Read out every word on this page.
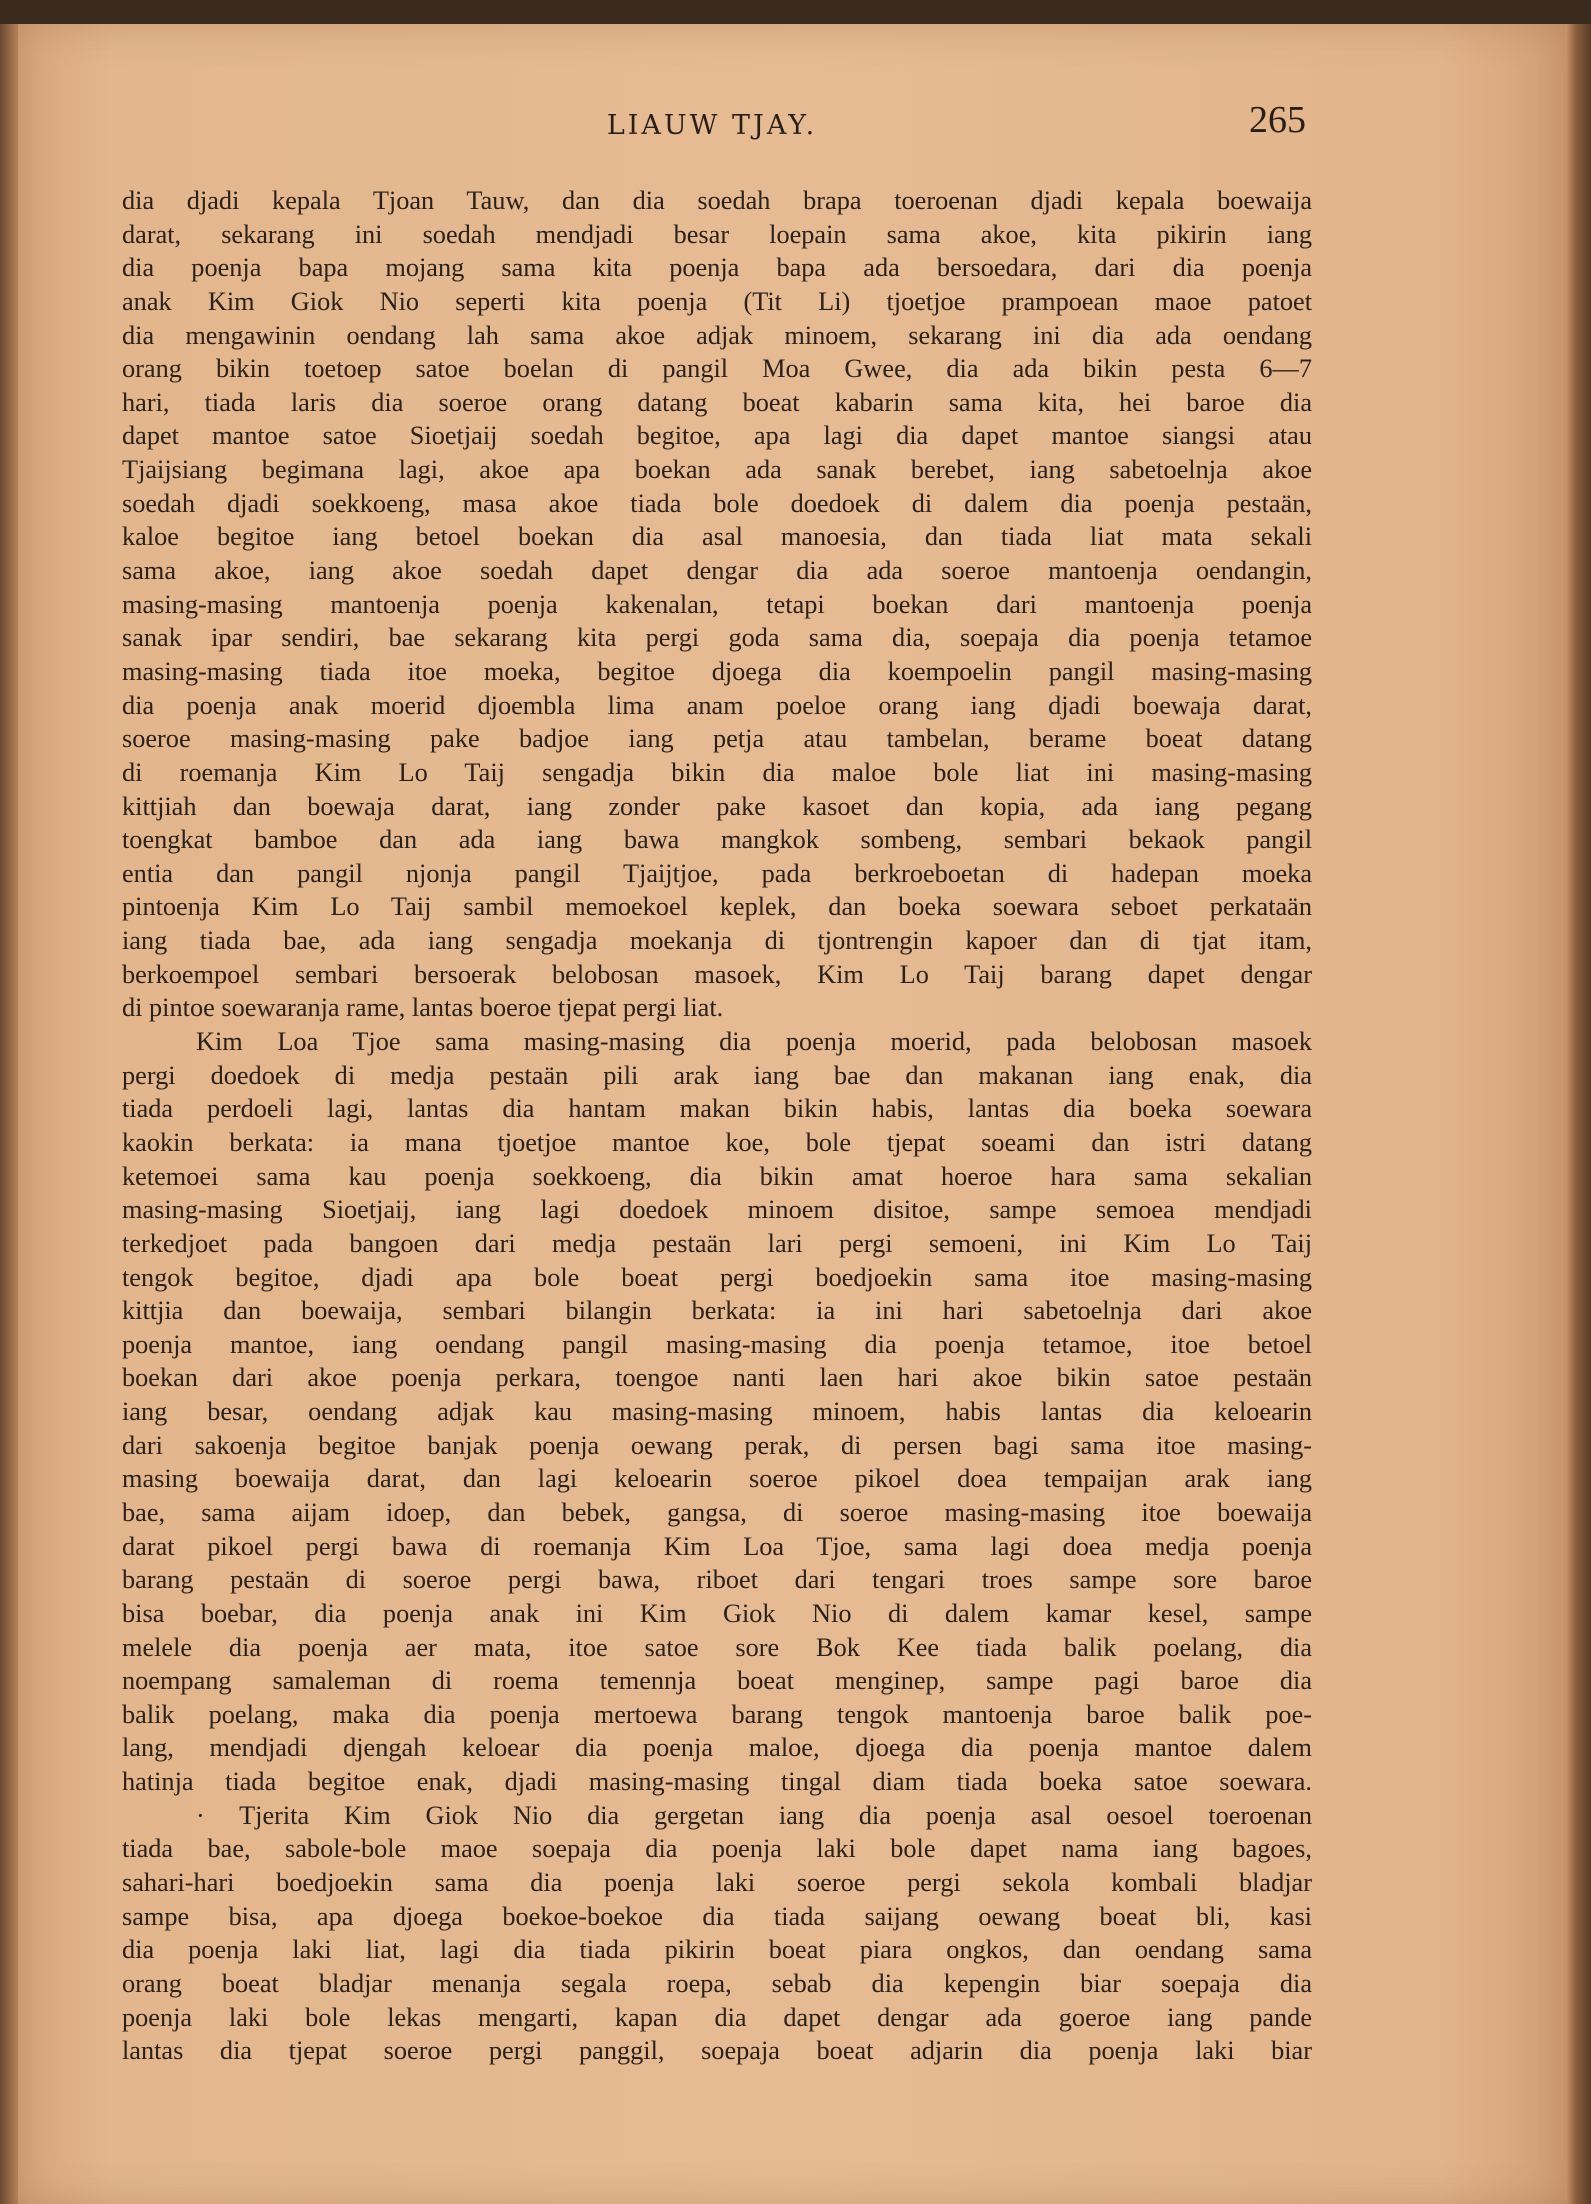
LIAUW TJAY.	265
dia djadi kepala Tjoan Tauw, dan dia soedah brapa toeroenan djadi kepala boewaija
darat, sekarang ini soedah mendjadi besar loepain sama akoe, kita pikirin iang
dia poenja bapa mojang sama kita poenja bapa ada bersoedara, dari dia poenja
anak Kim Giok Nio seperti kita poenja (Tit Li) tjoetjoe prampoean maoe patoet
dia mengawinin oendang lah sama akoe adjak minoem, sekarang ini dia ada oendang
orang bikin toetoep satoe boelan di pangil Moa Gwee, dia ada bikin pesta 6—7
hari, tiada laris dia soeroe orang datang boeat kabarin sama kita, hei baroe dia
dapet mantoe satoe Sioetjaij soedah begitoe, apa lagi dia dapet mantoe siangsi atau
Tjaijsiang begimana lagi, akoe apa boekan ada sanak berebet, iang sabetoelnja akoe
soedah djadi soekkoeng, masa akoe tiada bole doedoek di dalem dia poenja pestaän,
kaloe begitoe iang betoel boekan dia asal manoesia, dan tiada liat mata sekali
sama akoe, iang akoe soedah dapet dengar dia ada soeroe mantoenja oendangin,
masing-masing mantoenja poenja kakenalan, tetapi boekan dari mantoenja poenja
sanak ipar sendiri, bae sekarang kita pergi goda sama dia, soepaja dia poenja tetamoe
masing-masing tiada itoe moeka, begitoe djoega dia koempoelin pangil masing-masing
dia poenja anak moerid djoembla lima anam poeloe orang iang djadi boewaja darat,
soeroe masing-masing pake badjoe iang petja atau tambelan, berame boeat datang
di roemanja Kim Lo Taij sengadja bikin dia maloe bole liat ini masing-masing
kittjiah dan boewaja darat, iang zonder pake kasoet dan kopia, ada iang pegang
toengkat bamboe dan ada iang bawa mangkok sombeng, sembari bekaok pangil
entia dan pangil njonja pangil Tjaijtjoe, pada berkroeboetan di hadepan moeka
pintoenja Kim Lo Taij sambil memoekoel keplek, dan boeka soewara seboet perkataän
iang tiada bae, ada iang sengadja moekanja di tjontrengin kapoer dan di tjat itam,
berkoempoel sembari bersoerak belobosan masoek, Kim Lo Taij barang dapet dengar
di pintoe soewaranja rame, lantas boeroe tjepat pergi liat.
Kim Loa Tjoe sama masing-masing dia poenja moerid, pada belobosan masoek
pergi doedoek di medja pestaän pili arak iang bae dan makanan iang enak, dia
tiada perdoeli lagi, lantas dia hantam makan bikin habis, lantas dia boeka soewara
kaokin berkata: ia mana tjoetjoe mantoe koe, bole tjepat soeami dan istri datang
ketemoei sama kau poenja soekkoeng, dia bikin amat hoeroe hara sama sekalian
masing-masing Sioetjaij, iang lagi doedoek minoem disitoe, sampe semoea mendjadi
terkedjoet pada bangoen dari medja pestaän lari pergi semoeni, ini Kim Lo Taij
tengok begitoe, djadi apa bole boeat pergi boedjoekin sama itoe masing-masing
kittjia dan boewaija, sembari bilangin berkata: ia ini hari sabetoelnja dari akoe
poenja mantoe, iang oendang pangil masing-masing dia poenja tetamoe, itoe betoel
boekan dari akoe poenja perkara, toengoe nanti laen hari akoe bikin satoe pestaän
iang besar, oendang adjak kau masing-masing minoem, habis lantas dia keloearin
dari sakoenja begitoe banjak poenja oewang perak, di persen bagi sama itoe masing-
masing boewaija darat, dan lagi keloearin soeroe pikoel doea tempaijan arak iang
bae, sama aijam idoep, dan bebek, gangsa, di soeroe masing-masing itoe boewaija
darat pikoel pergi bawa di roemanja Kim Loa Tjoe, sama lagi doea medja poenja
barang pestaän di soeroe pergi bawa, riboet dari tengari troes sampe sore baroe
bisa boebar, dia poenja anak ini Kim Giok Nio di dalem kamar kesel, sampe
melele dia poenja aer mata, itoe satoe sore Bok Kee tiada balik poelang, dia
noempang samaleman di roema temennja boeat menginep, sampe pagi baroe dia
balik poelang, maka dia poenja mertoewa barang tengok mantoenja baroe balik poe-
lang, mendjadi djengah keloear dia poenja maloe, djoega dia poenja mantoe dalem
hatinja tiada begitoe enak, djadi masing-masing tingal diam tiada boeka satoe soewara.
· Tjerita Kim Giok Nio dia gergetan iang dia poenja asal oesoel toeroenan
tiada bae, sabole-bole maoe soepaja dia poenja laki bole dapet nama iang bagoes,
sahari-hari boedjoekin sama dia poenja laki soeroe pergi sekola kombali bladjar
sampe bisa, apa djoega boekoe-boekoe dia tiada saijang oewang boeat bli, kasi
dia poenja laki liat, lagi dia tiada pikirin boeat piara ongkos, dan oendang sama
orang boeat bladjar menanja segala roepa, sebab dia kepengin biar soepaja dia
poenja laki bole lekas mengarti, kapan dia dapet dengar ada goeroe iang pande
lantas dia tjepat soeroe pergi panggil, soepaja boeat adjarin dia poenja laki biar
